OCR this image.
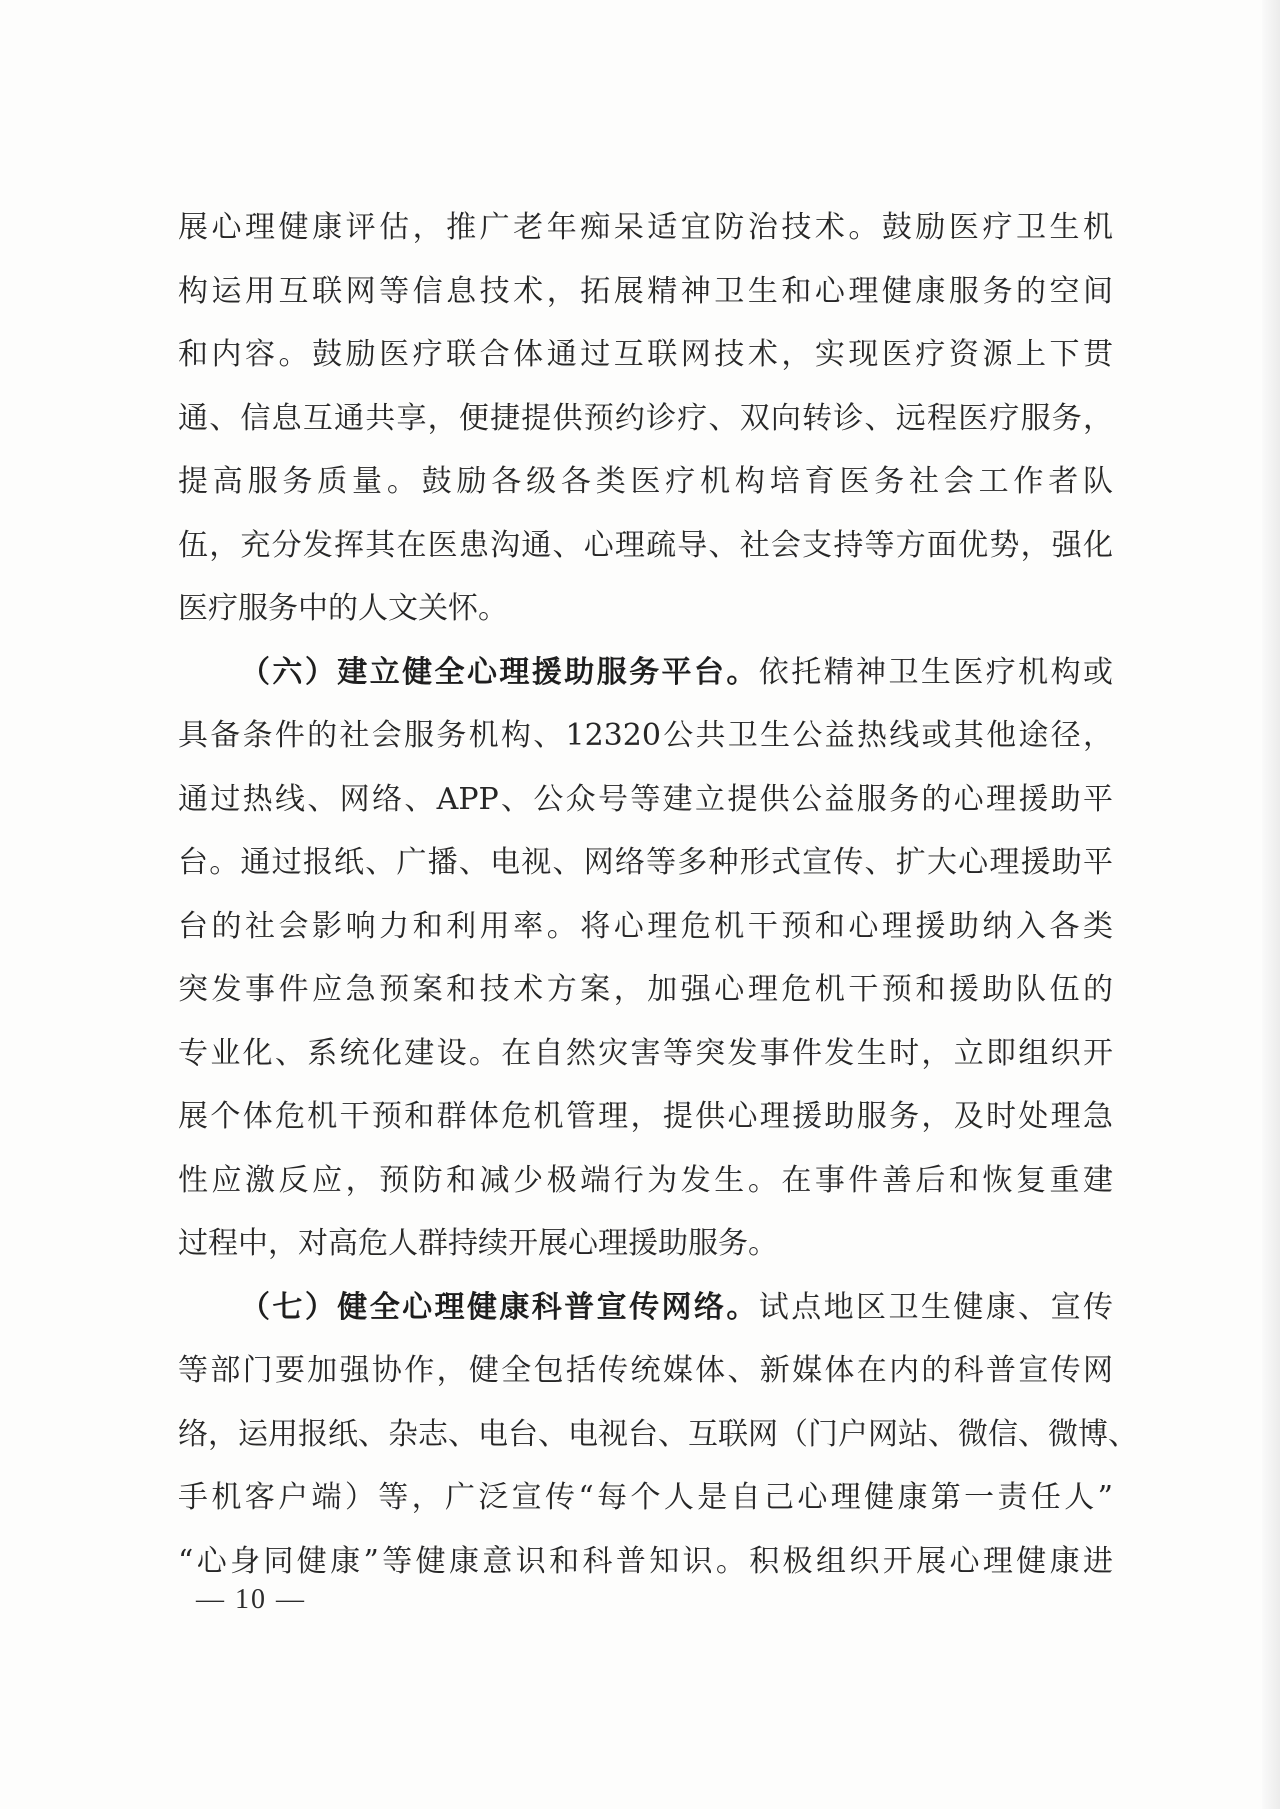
展心理健康评估，推广老年痴呆适宜防治技术。鼓励医疗卫生机
构运用互联网等信息技术，拓展精神卫生和心理健康服务的空间
和内容。鼓励医疗联合体通过互联网技术，实现医疗资源上下贯
通、信息互通共享，便捷提供预约诊疗、双向转诊、远程医疗服务，
提高服务质量。鼓励各级各类医疗机构培育医务社会工作者队
伍，充分发挥其在医患沟通、心理疏导、社会支持等方面优势，强化
医疗服务中的人文关怀。
（六）建立健全心理援助服务平台。依托精神卫生医疗机构或
具备条件的社会服务机构、12320公共卫生公益热线或其他途径，
通过热线、网络、APP、公众号等建立提供公益服务的心理援助平
台。通过报纸、广播、电视、网络等多种形式宣传、扩大心理援助平
台的社会影响力和利用率。将心理危机干预和心理援助纳入各类
突发事件应急预案和技术方案，加强心理危机干预和援助队伍的
专业化、系统化建设。在自然灾害等突发事件发生时，立即组织开
展个体危机干预和群体危机管理，提供心理援助服务，及时处理急
性应激反应，预防和减少极端行为发生。在事件善后和恢复重建
过程中，对高危人群持续开展心理援助服务。
（七）健全心理健康科普宣传网络。试点地区卫生健康、宣传
等部门要加强协作，健全包括传统媒体、新媒体在内的科普宣传网
络，运用报纸、杂志、电台、电视台、互联网（门户网站、微信、微博、
手机客户端）等，广泛宣传“每个人是自己心理健康第一责任人”
“心身同健康”等健康意识和科普知识。积极组织开展心理健康进
— 10 —
